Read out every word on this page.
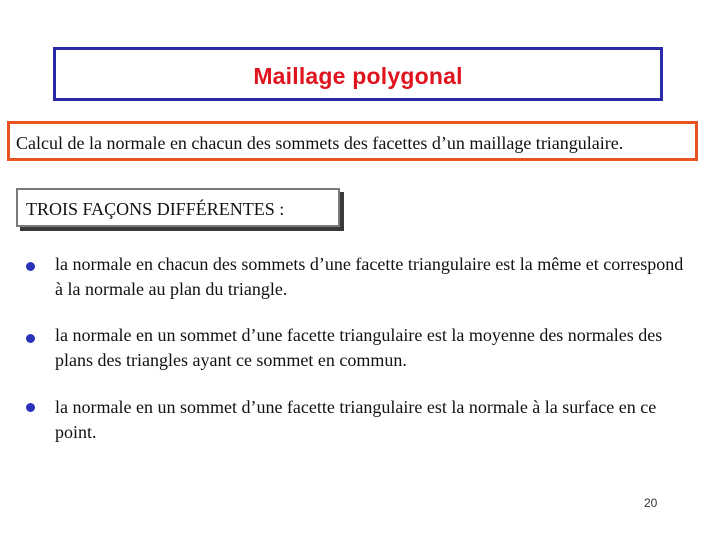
Maillage polygonal
Calcul de la normale en chacun des sommets des facettes d’un maillage triangulaire.
TROIS FAÇONS DIFFÉRENTES :
la normale en chacun des sommets d’une facette triangulaire est la même et correspond à la normale au plan du triangle.
la normale en un sommet d’une facette triangulaire est la moyenne des normales des plans des triangles ayant ce sommet en commun.
la normale en un sommet d’une facette triangulaire est la normale à la surface en ce point.
20
